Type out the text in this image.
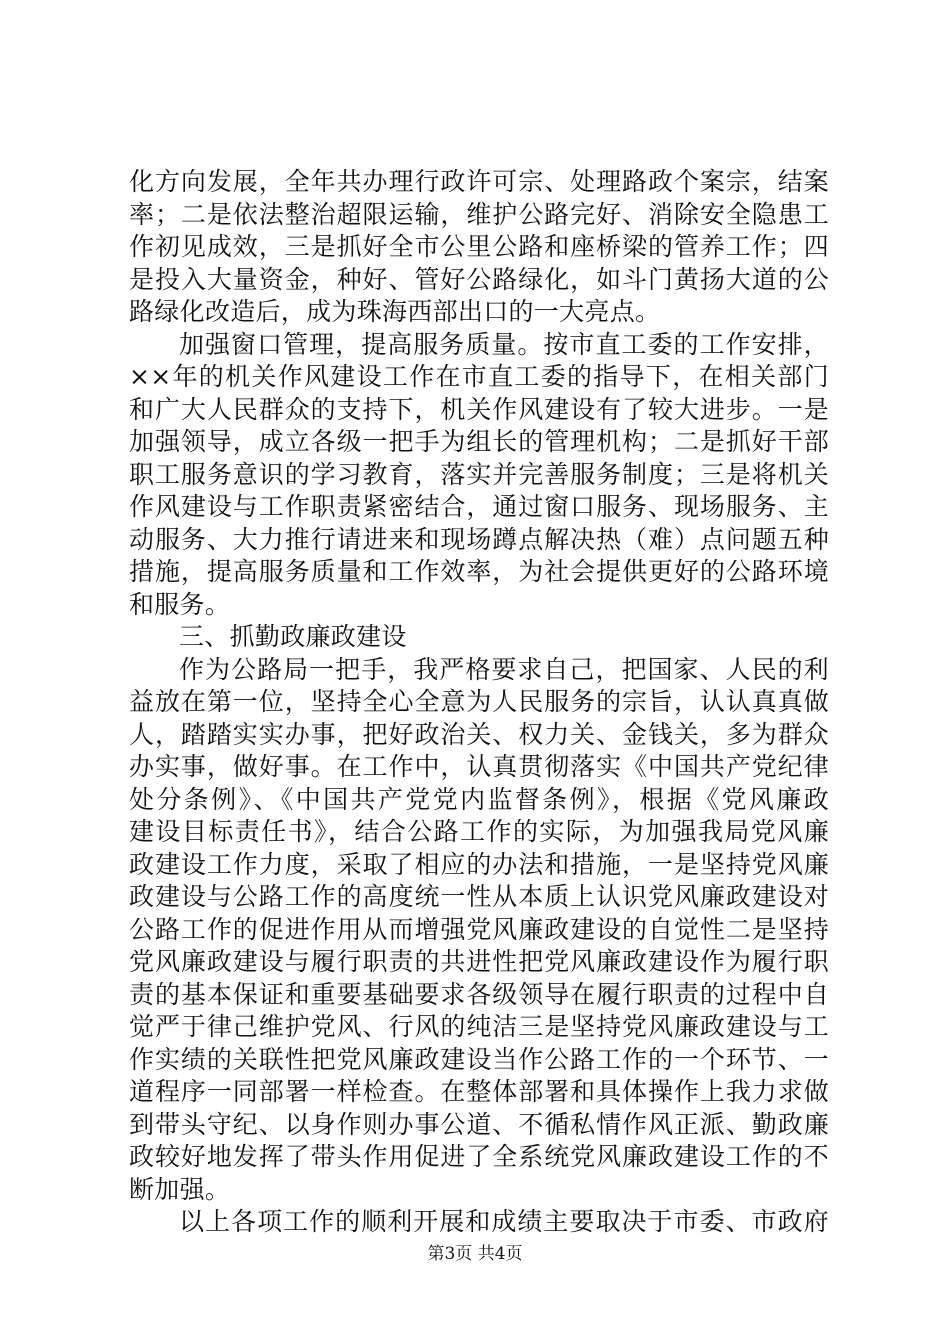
化方向发展，全年共办理行政许可宗、处理路政个案宗，结案
率；二是依法整治超限运输，维护公路完好、消除安全隐患工
作初见成效，三是抓好全市公里公路和座桥梁的管养工作；四
是投入大量资金，种好、管好公路绿化，如斗门黄扬大道的公
路绿化改造后，成为珠海西部出口的一大亮点。
加强窗口管理，提高服务质量。按市直工委的工作安排，
××年的机关作风建设工作在市直工委的指导下，在相关部门
和广大人民群众的支持下，机关作风建设有了较大进步。一是
加强领导，成立各级一把手为组长的管理机构；二是抓好干部
职工服务意识的学习教育，落实并完善服务制度；三是将机关
作风建设与工作职责紧密结合，通过窗口服务、现场服务、主
动服务、大力推行请进来和现场蹲点解决热（难）点问题五种
措施，提高服务质量和工作效率，为社会提供更好的公路环境
和服务。
三、抓勤政廉政建设
作为公路局一把手，我严格要求自己，把国家、人民的利
益放在第一位，坚持全心全意为人民服务的宗旨，认认真真做
人，踏踏实实办事，把好政治关、权力关、金钱关，多为群众
办实事，做好事。在工作中，认真贯彻落实《中国共产党纪律
处分条例》、《中国共产党党内监督条例》，根据《党风廉政
建设目标责任书》，结合公路工作的实际，为加强我局党风廉
政建设工作力度，采取了相应的办法和措施，一是坚持党风廉
政建设与公路工作的高度统一性从本质上认识党风廉政建设对
公路工作的促进作用从而增强党风廉政建设的自觉性二是坚持
党风廉政建设与履行职责的共进性把党风廉政建设作为履行职
责的基本保证和重要基础要求各级领导在履行职责的过程中自
觉严于律己维护党风、行风的纯洁三是坚持党风廉政建设与工
作实绩的关联性把党风廉政建设当作公路工作的一个环节、一
道程序一同部署一样检查。在整体部署和具体操作上我力求做
到带头守纪、以身作则办事公道、不循私情作风正派、勤政廉
政较好地发挥了带头作用促进了全系统党风廉政建设工作的不
断加强。
以上各项工作的顺利开展和成绩主要取决于市委、市政府
第3页 共4页
